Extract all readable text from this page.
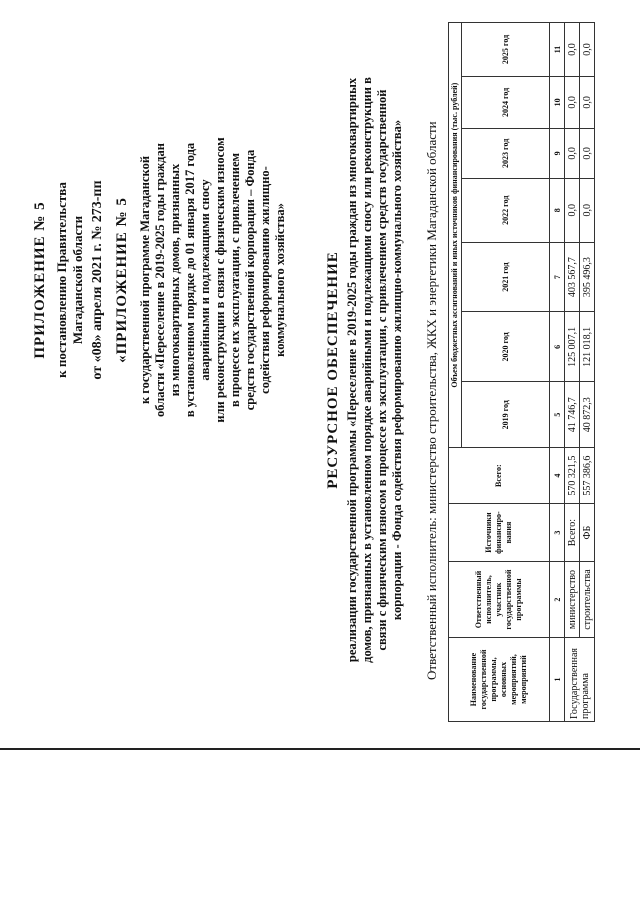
ПРИЛОЖЕНИЕ № 5 к постановлению Правительства Магаданской области от «08» апреля 2021 г. № 273-пп «ПРИЛОЖЕНИЕ № 5 к государственной программе Магаданской области «Переселение в 2019-2025 годы граждан из многоквартирных домов, признанных в установленном порядке до 01 января 2017 года аварийными и подлежащими сносу или реконструкции в связи с физическим износом в процессе их эксплуатации, с привлечением средств государственной корпорации – Фонда содействия реформированию жилищно- коммунального хозяйства»	РЕСУРСНОЕ ОБЕСПЕЧЕНИЕ реализации государственной программы «Переселение в 2019-2025 годы граждан из многоквартирных домов, признанных в установленном порядке аварийными и подлежащими сносу или реконструкции в связи с физическим износом в процессе их эксплуатации, с привлечением средств государственной корпорации - Фонда содействия реформированию жилищно-коммунального хозяйства» Ответственный исполнитель: министерство строительства, ЖКХ и энергетики Магаданской области	Наименование государственной программы, основных мероприятий, мероприятий	Ответственный исполнитель, участник государственной программы	Источники финансиро-вания	Всего:	Объем бюджетных ассигнований и иных источников финансирования (тыс. рублей)						
				2019 год	2020 год	2021 год	2022 год	2023 год	2024 год	2025 год
1	2	3	4	5	6	7	8	9	10	11
Государственная программа	министерство	Всего:	570 321,5	41 746,7	125 007,1	403 567,7	0,0	0,0	0,0	0,0
	строительства	ФБ	557 386,6	40 872,3	121 018,1	395 496,3	0,0	0,0	0,0	0,0
